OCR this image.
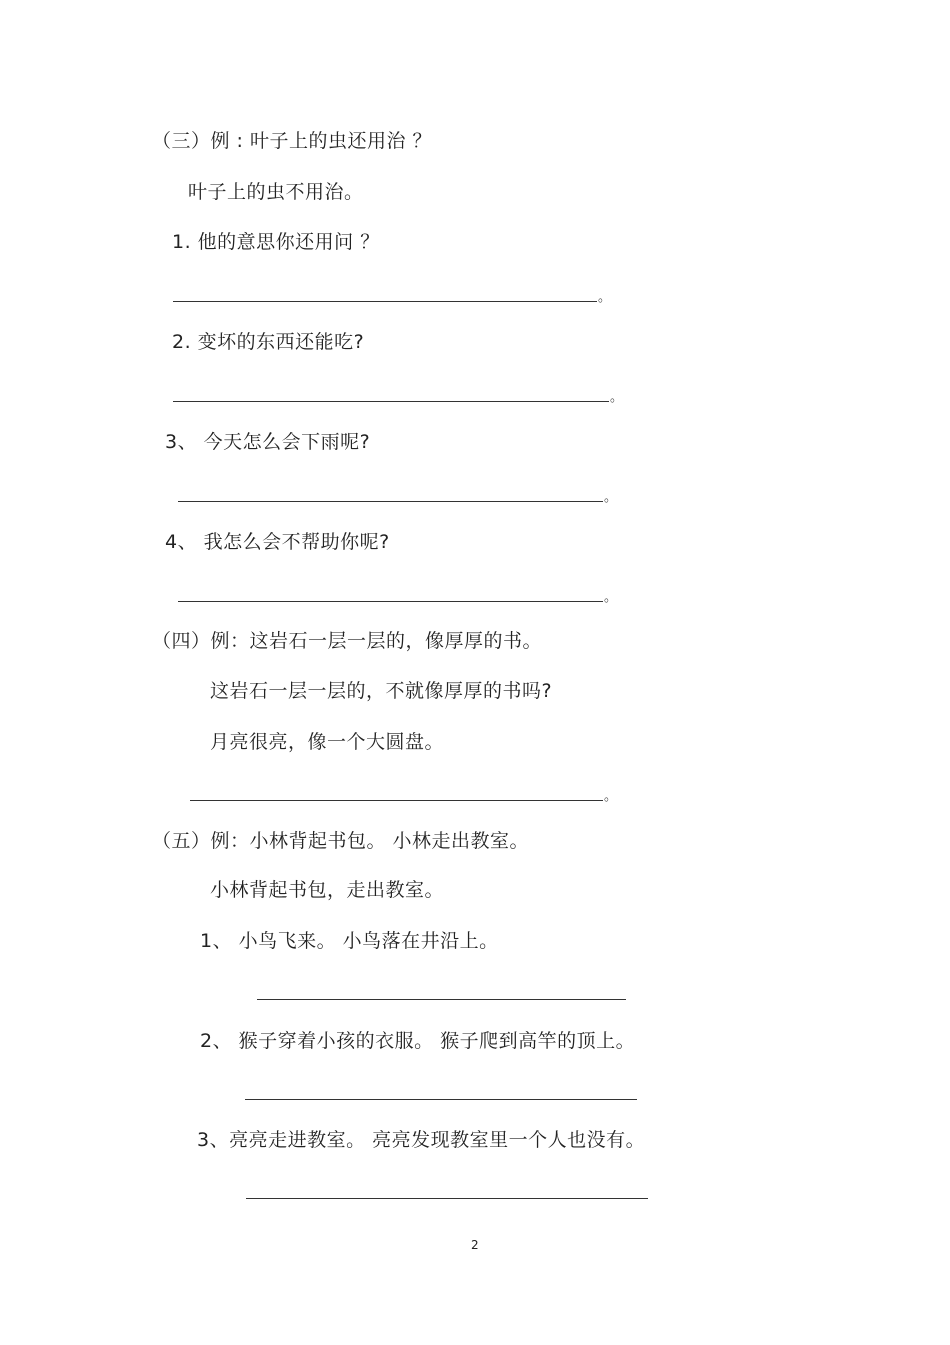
（三）例 : 叶子上的虫还用治 ？
叶子上的虫不用治。
1. 他的意思你还用问 ？
。
2. 变坏的东西还能吃?
。
3、 今天怎么会下雨呢?
。
4、 我怎么会不帮助你呢?
。
（四）例：这岩石一层一层的，像厚厚的书。
这岩石一层一层的，不就像厚厚的书吗?
月亮很亮，像一个大圆盘。
。
（五）例：小林背起书包。 小林走出教室。
小林背起书包，走出教室。
1、 小鸟飞来。 小鸟落在井沿上。
2、 猴子穿着小孩的衣服。 猴子爬到高竿的顶上。
3、亮亮走进教室。 亮亮发现教室里一个人也没有。
2
